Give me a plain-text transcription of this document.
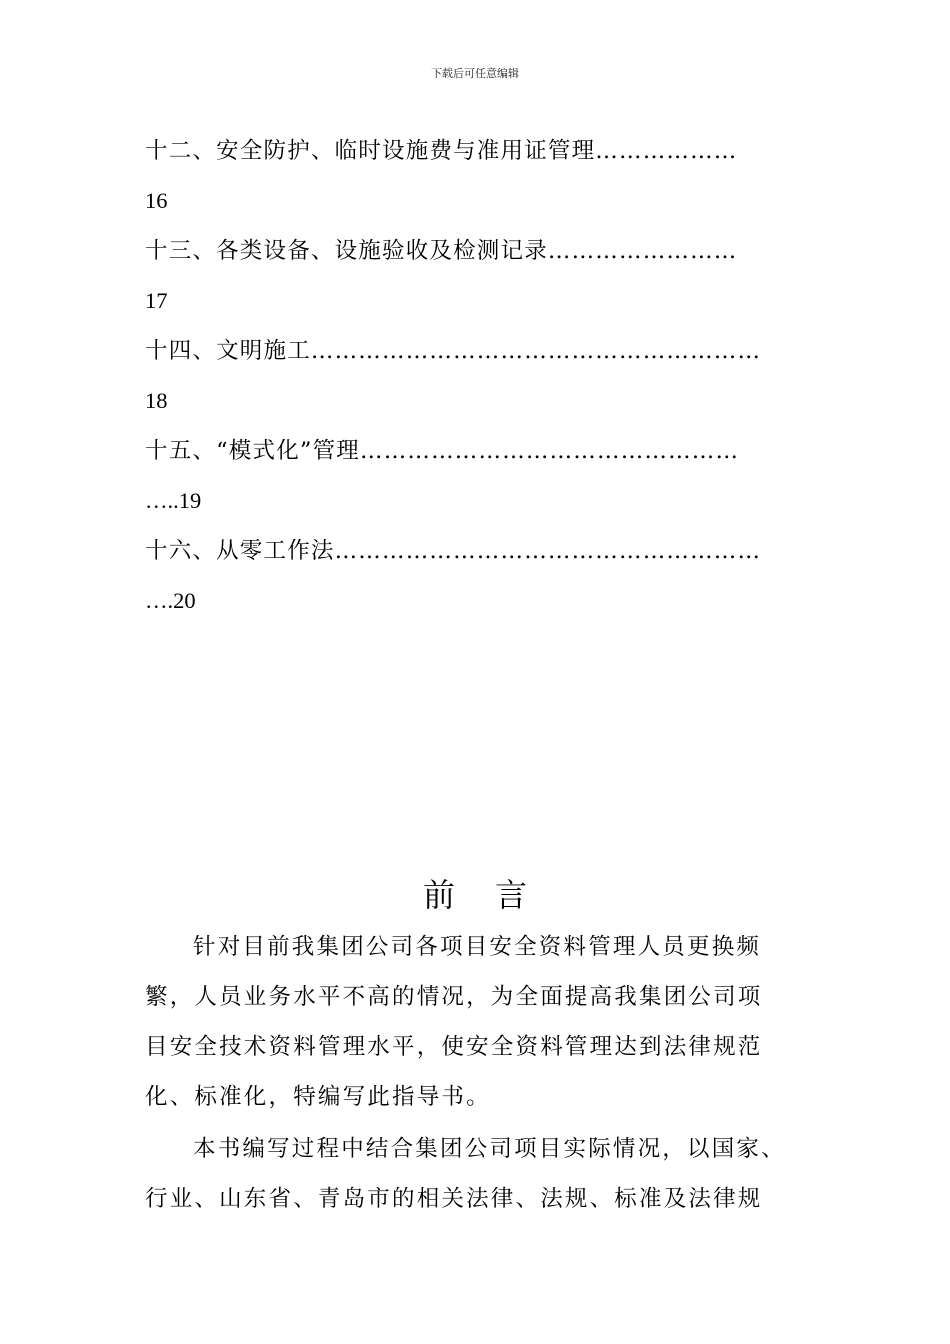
下载后可任意编辑
十二、安全防护、临时设施费与准用证管理………………
16
十三、各类设备、设施验收及检测记录……………………
17
十四、文明施工…………………………………………………
18
十五、“模式化”管理…………………………………………
…..19
十六、从零工作法………………………………………………
….20
前言
针对目前我集团公司各项目安全资料管理人员更换频
繁，人员业务水平不高的情况，为全面提高我集团公司项
目安全技术资料管理水平，使安全资料管理达到法律规范
化、标准化，特编写此指导书。
本书编写过程中结合集团公司项目实际情况，以国家、
行业、山东省、青岛市的相关法律、法规、标准及法律规
